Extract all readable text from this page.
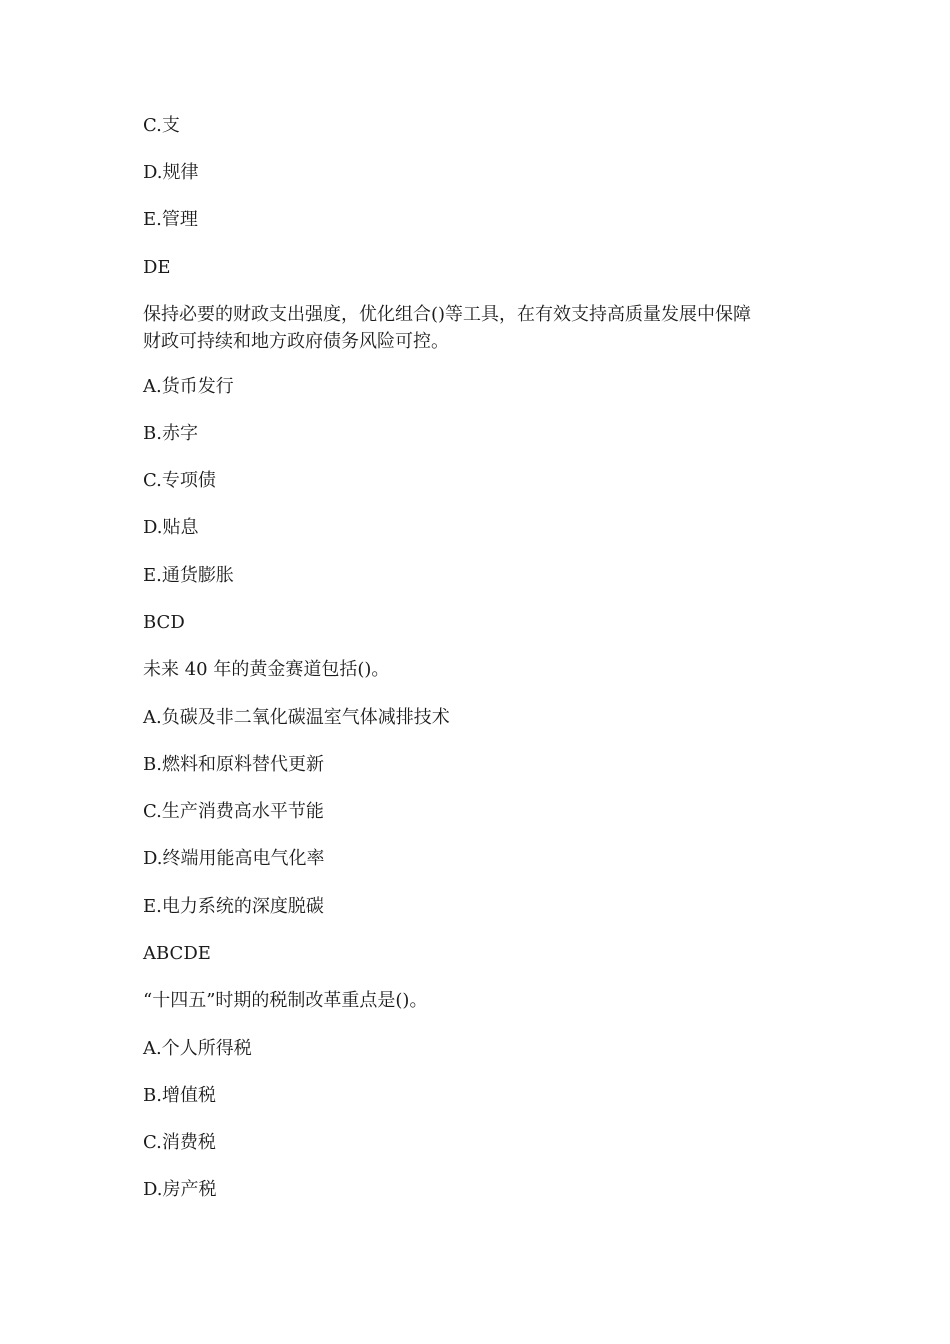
C.支
D.规律
E.管理
DE
保持必要的财政支出强度，优化组合()等工具，在有效支持高质量发展中保障
财政可持续和地方政府债务风险可控。
A.货币发行
B.赤字
C.专项债
D.贴息
E.通货膨胀
BCD
未来 40 年的黄金赛道包括()。
A.负碳及非二氧化碳温室气体减排技术
B.燃料和原料替代更新
C.生产消费高水平节能
D.终端用能高电气化率
E.电力系统的深度脱碳
ABCDE
“十四五”时期的税制改革重点是()。
A.个人所得税
B.增值税
C.消费税
D.房产税
